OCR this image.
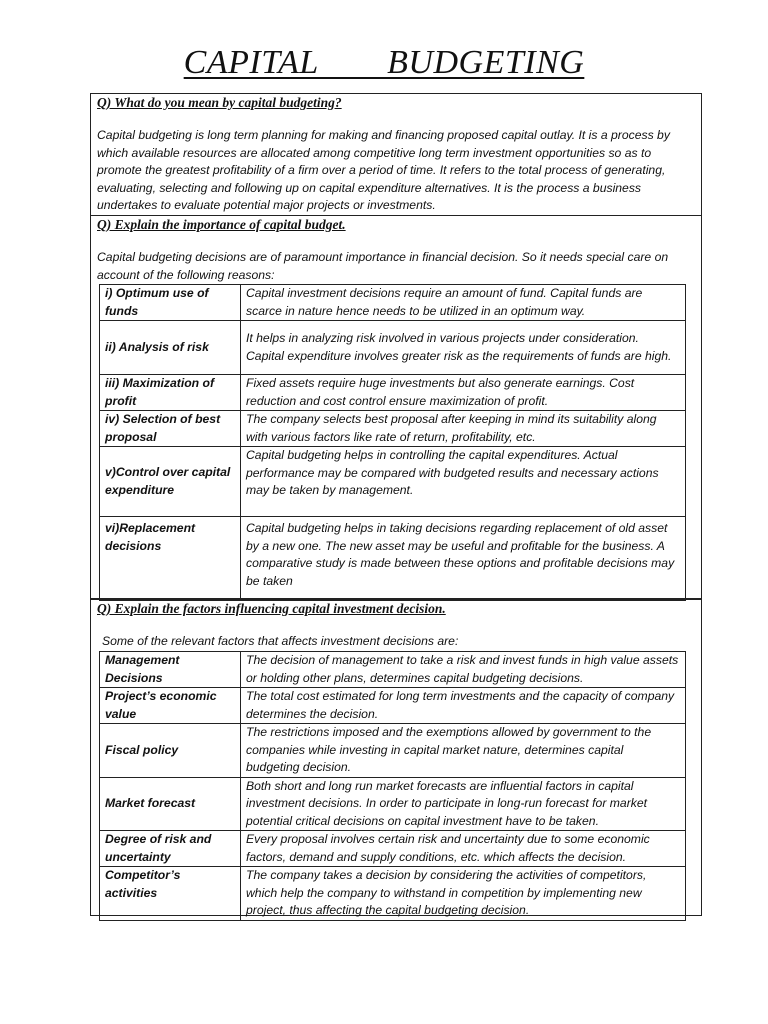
CAPITAL   BUDGETING
Q) What do you mean by capital budgeting?

Capital budgeting is long term planning for making and financing proposed capital outlay. It is a process by which available resources are allocated among competitive long term investment opportunities so as to promote the greatest profitability of a firm over a period of time. It refers to the total process of generating, evaluating, selecting and following up on capital expenditure alternatives. It is the process a business undertakes to evaluate potential major projects or investments.

Q) Explain the importance of capital budget.

Capital budgeting decisions are of paramount importance in financial decision. So it needs special care on account of the following reasons:

i) Optimum use of funds	Capital investment decisions require an amount of fund. Capital funds are scarce in nature hence needs to be utilized in an optimum way.
ii) Analysis of risk	It helps in analyzing risk involved in various projects under consideration. Capital expenditure involves greater risk as the requirements of funds are high.
iii) Maximization of profit	Fixed assets require huge investments but also generate earnings. Cost reduction and cost control ensure maximization of profit.
iv) Selection of best proposal	The company selects best proposal after keeping in mind its suitability along with various factors like rate of return, profitability, etc.
v)Control over capital expenditure	Capital budgeting helps in controlling the capital expenditures. Actual performance may be compared with budgeted results and necessary actions may be taken by management.
vi)Replacement decisions	Capital budgeting helps in taking decisions regarding replacement of old asset by a new one. The new asset may be useful and profitable for the business. A comparative study is made between these options and profitable decisions may be taken
Q) Explain the factors influencing capital investment decision.

Some of the relevant factors that affects investment decisions are:

Management Decisions	The decision of management to take a risk and invest funds in high value assets or holding other plans, determines capital budgeting decisions.
Project’s economic value	The total cost estimated for long term investments and the capacity of company determines the decision.
Fiscal policy	The restrictions imposed and the exemptions allowed by government to the companies while investing in capital market nature, determines capital budgeting decision.
Market forecast	Both short and long run market forecasts are influential factors in capital investment decisions. In order to participate in long-run forecast for market potential critical decisions on capital investment have to be taken.
Degree of risk and uncertainty	Every proposal involves certain risk and uncertainty due to some economic factors, demand and supply conditions, etc. which affects the decision.
Competitor’s activities	The company takes a decision by considering the activities of competitors, which help the company to withstand in competition by implementing new project, thus affecting the capital budgeting decision.
